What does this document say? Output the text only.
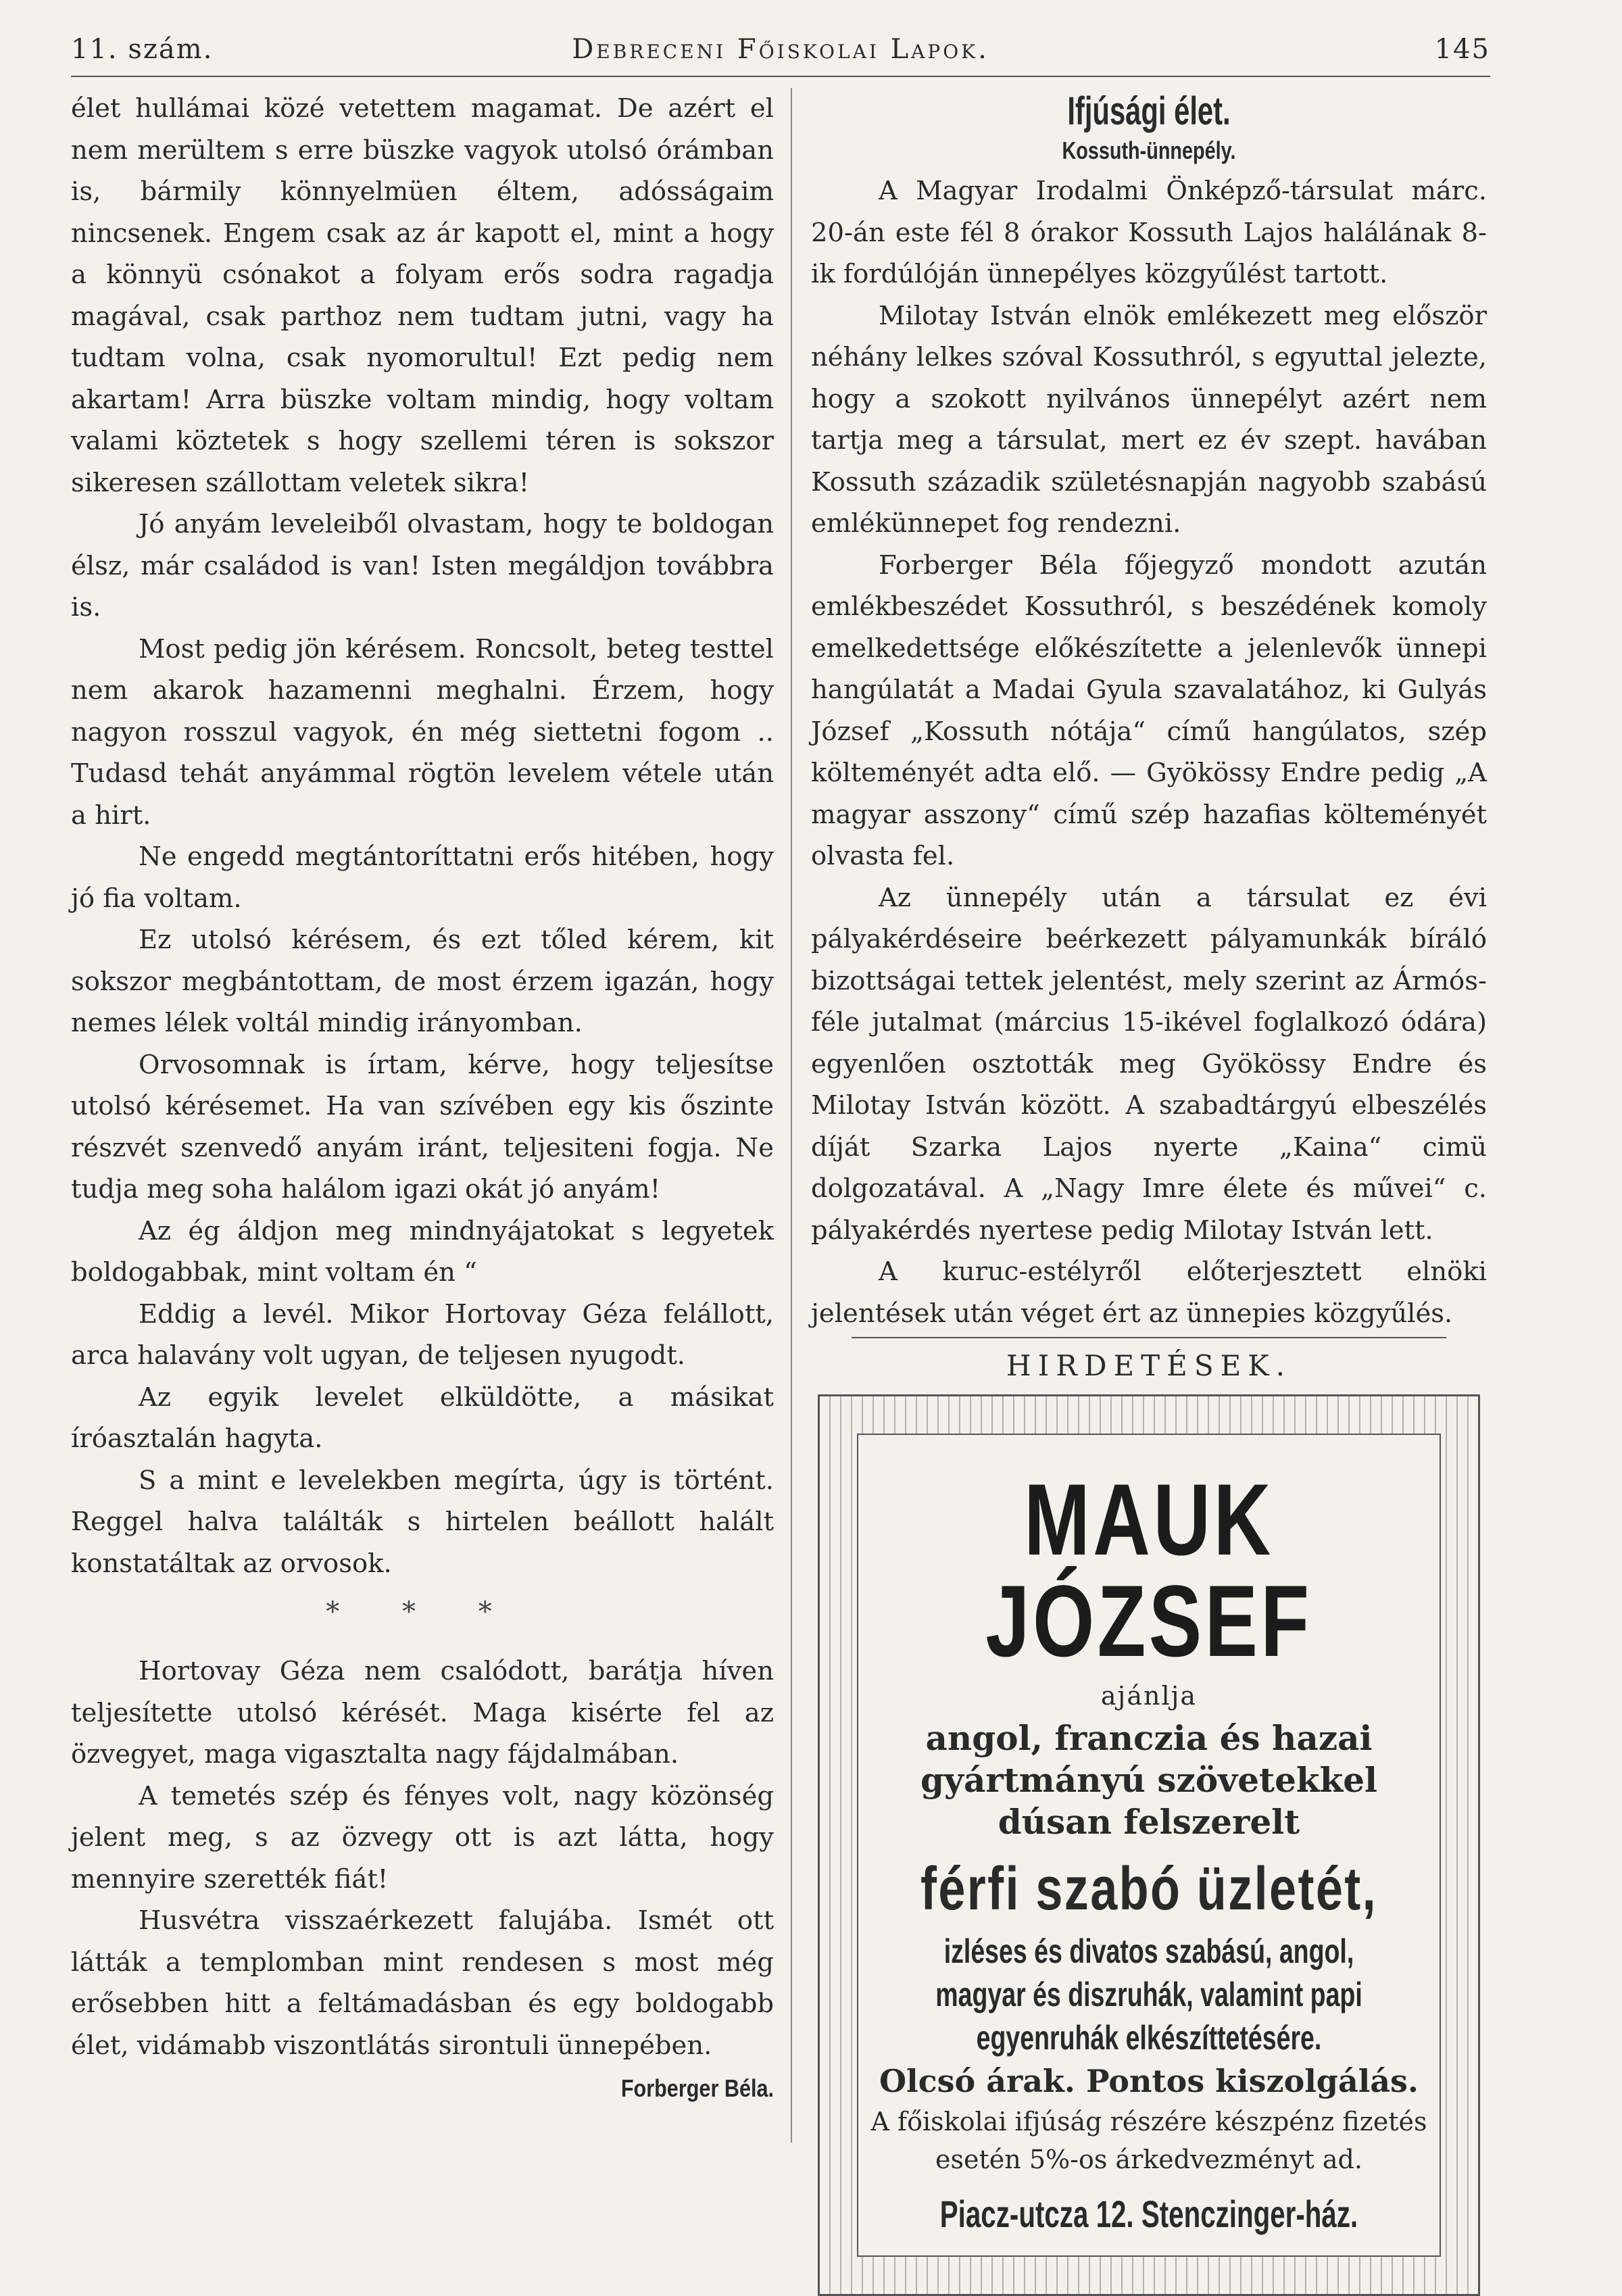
11. szám.	Debreceni Főiskolai Lapok.	145

élet hullámai közé vetettem magamat. De azért el nem merültem s erre büszke vagyok utolsó órámban is, bármily könnyelmüen éltem, adósságaim nincsenek. Engem csak az ár kapott el, mint a hogy a könnyü csónakot a folyam erős sodra ragadja magával, csak parthoz nem tudtam jutni, vagy ha tudtam volna, csak nyomorultul! Ezt pedig nem akartam! Arra büszke voltam mindig, hogy voltam valami köztetek s hogy szellemi téren is sokszor sikeresen szállottam veletek sikra!

Jó anyám leveleiből olvastam, hogy te boldogan élsz, már családod is van! Isten megáldjon továbbra is.

Most pedig jön kérésem. Roncsolt, beteg testtel nem akarok hazamenni meghalni. Érzem, hogy nagyon rosszul vagyok, én még siettetni fogom .. Tudasd tehát anyámmal rögtön levelem vétele után a hirt.

Ne engedd megtántoríttatni erős hitében, hogy jó fia voltam.

Ez utolsó kérésem, és ezt tőled kérem, kit sokszor megbántottam, de most érzem igazán, hogy nemes lélek voltál mindig irányomban.

Orvosomnak is írtam, kérve, hogy teljesítse utolsó kérésemet. Ha van szívében egy kis őszinte részvét szenvedő anyám iránt, teljesiteni fogja. Ne tudja meg soha halálom igazi okát jó anyám!

Az ég áldjon meg mindnyájatokat s legyetek boldogabbak, mint voltam én “

Eddig a levél. Mikor Hortovay Géza felállott, arca halavány volt ugyan, de teljesen nyugodt.

Az egyik levelet elküldötte, a másikat íróasztalán hagyta.

S a mint e levelekben megírta, úgy is történt. Reggel halva találták s hirtelen beállott halált konstatáltak az orvosok.

* * *

Hortovay Géza nem csalódott, barátja híven teljesítette utolsó kérését. Maga kisérte fel az özvegyet, maga vigasztalta nagy fájdalmában.

A temetés szép és fényes volt, nagy közönség jelent meg, s az özvegy ott is azt látta, hogy mennyire szerették fiát!

Husvétra visszaérkezett falujába. Ismét ott látták a templomban mint rendesen s most még erősebben hitt a feltámadásban és egy boldogabb élet, vidámabb viszontlátás sirontuli ünnepében.

Forberger Béla.
Ifjúsági élet.
Kossuth-ünnepély.

A Magyar Irodalmi Önképző-társulat márc. 20-án este fél 8 órakor Kossuth Lajos halálának 8-ik fordúlóján ünnepélyes közgyűlést tartott.

Milotay István elnök emlékezett meg először néhány lelkes szóval Kossuthról, s egyuttal jelezte, hogy a szokott nyilvános ünnepélyt azért nem tartja meg a társulat, mert ez év szept. havában Kossuth századik születésnapján nagyobb szabású emlékünnepet fog rendezni.

Forberger Béla főjegyző mondott azután emlékbeszédet Kossuthról, s beszédének komoly emelkedettsége előkészítette a jelenlevők ünnepi hangúlatát a Madai Gyula szavalatához, ki Gulyás József „Kossuth nótája“ című hangúlatos, szép költeményét adta elő. — Gyökössy Endre pedig „A magyar asszony“ című szép hazafias költeményét olvasta fel.

Az ünnepély után a társulat ez évi pályakérdéseire beérkezett pályamunkák bíráló bizottságai tettek jelentést, mely szerint az Ármós-féle jutalmat (március 15-ikével foglalkozó ódára) egyenlően osztották meg Gyökössy Endre és Milotay István között. A szabadtárgyú elbeszélés díját Szarka Lajos nyerte „Kaina“ cimü dolgozatával. A „Nagy Imre élete és művei“ c. pályakérdés nyertese pedig Milotay István lett.

A kuruc-estélyről előterjesztett elnöki jelentések után véget ért az ünnepies közgyűlés.

HIRDETÉSEK.
MAUK JÓZSEF
ajánlja

angol, franczia és hazai gyártmányú szövetekkel dúsan felszerelt

férfi szabó üzletét,

izléses és divatos szabású, angol,

magyar és diszruhák, valamint papi

egyenruhák elkészíttetésére.

Olcsó árak. Pontos kiszolgálás.

A főiskolai ifjúság részére készpénz fizetés esetén 5%-os árkedvezményt ad.

Piacz-utcza 12. Stenczinger-ház.
